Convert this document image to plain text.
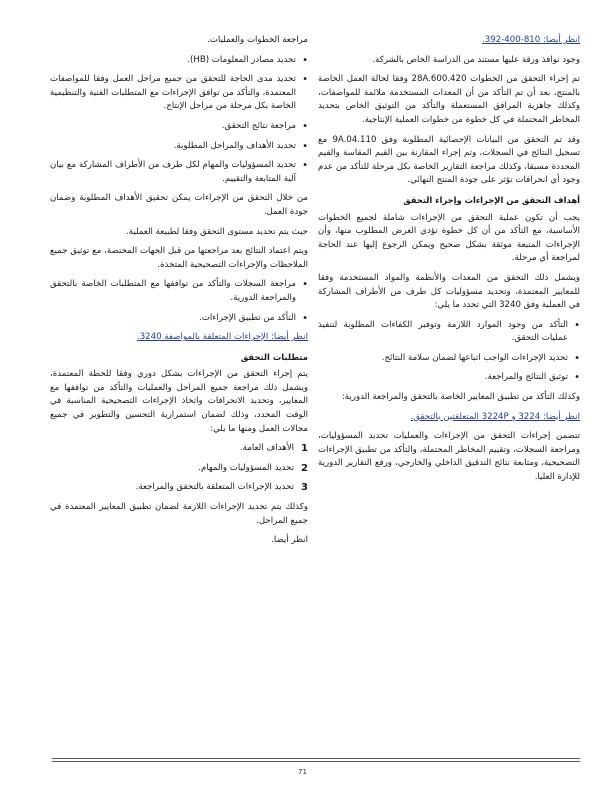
انظر أيضا: 810-400-392.

وجود نوافذ ورقة عليها مستند من الدراسة الخاص بالشركة.

تم إجراء التحقق من الخطوات 28A.600.420 وفقا لحالة العمل الخاصة بالمنتج، بعد أن تم التأكد من أن المعدات المستخدمة ملائمة للمواصفات، وكذلك جاهزية المرافق المستعملة والتأكد من التوثيق الخاص بتحديد المخاطر المحتملة في كل خطوة من خطوات العملية الإنتاجية.

وقد تم التحقق من البيانات الإحصائية المطلوبة وفق 9A.04.110 مع تسجيل النتائج في السجلات، وتم إجراء المقارنة بين القيم المقاسة والقيم المحددة مسبقا، وكذلك مراجعة التقارير الخاصة بكل مرحلة للتأكد من عدم وجود أي انحرافات تؤثر على جودة المنتج النهائي.

أهداف التحقق من الإجراءات وإجراء التحقق

يجب أن تكون عملية التحقق من الإجراءات شاملة لجميع الخطوات الأساسية، مع التأكد من أن كل خطوة تؤدي الغرض المطلوب منها، وأن الإجراءات المتبعة موثقة بشكل صحيح ويمكن الرجوع إليها عند الحاجة لمراجعة أي مرحلة.

ويشمل ذلك التحقق من المعدات والأنظمة والمواد المستخدمة وفقا للمعايير المعتمدة، وتحديد مسؤوليات كل طرف من الأطراف المشاركة في العملية وفق 3240 التي تحدد ما يلي:

• التأكد من وجود الموارد اللازمة وتوفير الكفاءات المطلوبة لتنفيذ عمليات التحقق.
• تحديد الإجراءات الواجب اتباعها لضمان سلامة النتائج.
• توثيق النتائج والمراجعة.

وكذلك التأكد من تطبيق المعايير الخاصة بالتحقق والمراجعة الدورية:

انظر أيضا: 3224 و 3224P المتعلقتين بالتحقق.

تتضمن إجراءات التحقق من الإجراءات والعمليات تحديد المسؤوليات، ومراجعة السجلات، وتقييم المخاطر المحتملة، والتأكد من تطبيق الإجراءات التصحيحية، ومتابعة نتائج التدقيق الداخلي والخارجي، ورفع التقارير الدورية للإدارة العليا.

مراجعة الخطوات والعمليات.

• تحديد مصادر المعلومات (HB).
• تحديد مدى الحاجة للتحقق من جميع مراحل العمل وفقا للمواصفات المعتمدة، والتأكد من توافق الإجراءات مع المتطلبات الفنية والتنظيمية الخاصة بكل مرحلة من مراحل الإنتاج.
• مراجعة نتائج التحقق.
• تحديد الأهداف والمراحل المطلوبة.
• تحديد المسؤوليات والمهام لكل طرف من الأطراف المشاركة مع بيان آلية المتابعة والتقييم.

من خلال التحقق من الإجراءات يمكن تحقيق الأهداف المطلوبة وضمان جودة العمل.

حيث يتم تحديد مستوى التحقق وفقا لطبيعة العملية.

ويتم اعتماد النتائج بعد مراجعتها من قبل الجهات المختصة، مع توثيق جميع الملاحظات والإجراءات التصحيحية المتخذة.

• مراجعة السجلات والتأكد من توافقها مع المتطلبات الخاصة بالتحقق والمراجعة الدورية.
• التأكد من تطبيق الإجراءات.

انظر أيضا: الإجراءات المتعلقة بالمواصفة 3240.

متطلبات التحقق

يتم إجراء التحقق من الإجراءات بشكل دوري وفقا للخطة المعتمدة، ويشمل ذلك مراجعة جميع المراحل والعمليات والتأكد من توافقها مع المعايير، وتحديد الانحرافات واتخاذ الإجراءات التصحيحية المناسبة في الوقت المحدد، وذلك لضمان استمرارية التحسين والتطوير في جميع مجالات العمل ومنها ما يلي:

1
الأهداف العامة.
2
تحديد المسؤوليات والمهام.
3
تحديد الإجراءات المتعلقة بالتحقق والمراجعة.

وكذلك يتم تحديد الإجراءات اللازمة لضمان تطبيق المعايير المعتمدة في جميع المراحل.

انظر أيضا.

71
